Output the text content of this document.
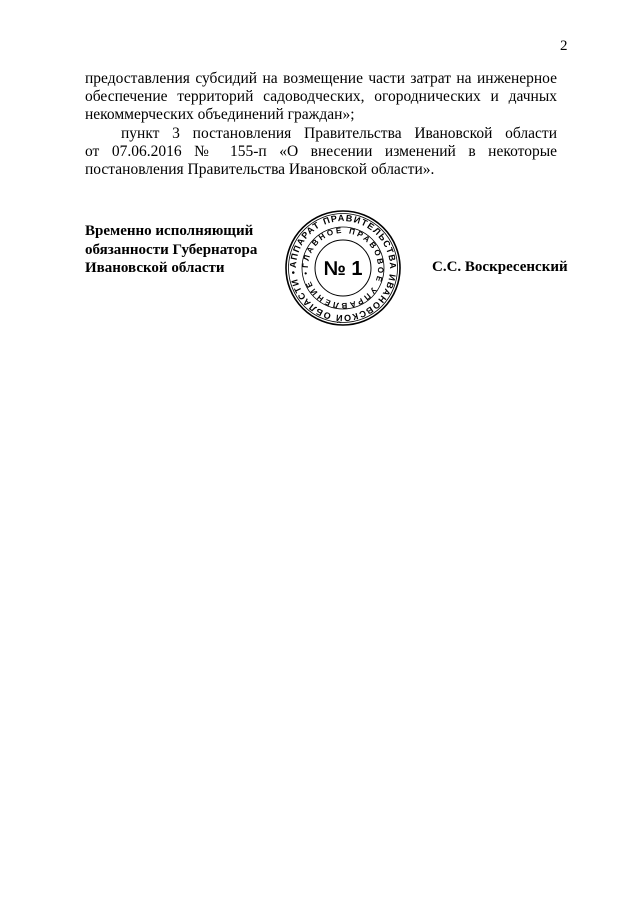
2
предоставления субсидий на возмещение части затрат на инженерное
обеспечение территорий садоводческих, огороднических и дачных
некоммерческих объединений граждан»;
пункт 3 постановления Правительства Ивановской области
от 07.06.2016 № 155-п «О внесении изменений в некоторые
постановления Правительства Ивановской области».
Временно исполняющий
обязанности Губернатора
Ивановской области	АППАРАТ ПРАВИТЕЛЬСТВА ИВАНОВСКОЙ ОБЛАСТИ •
ГЛАВНОЕ ПРАВОВОЕ УПРАВЛЕНИЕ • № 1	С.С. Воскресенский
